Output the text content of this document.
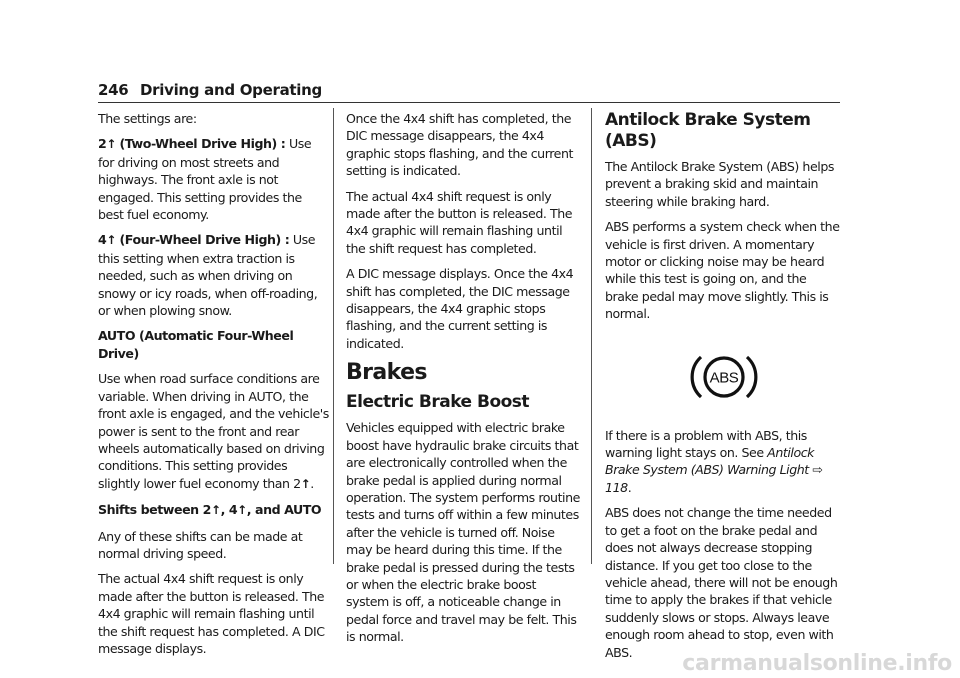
246 Driving and Operating

The settings are:

2↑ (Two-Wheel Drive High) : Use for driving on most streets and highways. The front axle is not engaged. This setting provides the best fuel economy.

4↑ (Four-Wheel Drive High) : Use this setting when extra traction is needed, such as when driving on snowy or icy roads, when off-roading, or when plowing snow.

AUTO (Automatic Four-Wheel Drive)

Use when road surface conditions are variable. When driving in AUTO, the front axle is engaged, and the vehicle's power is sent to the front and rear wheels automatically based on driving conditions. This setting provides slightly lower fuel economy than 2↑.

Shifts between 2↑, 4↑, and AUTO

Any of these shifts can be made at normal driving speed.

The actual 4x4 shift request is only made after the button is released. The 4x4 graphic will remain flashing until the shift request has completed. A DIC message displays.

Once the 4x4 shift has completed, the DIC message disappears, the 4x4 graphic stops flashing, and the current setting is indicated.

The actual 4x4 shift request is only made after the button is released. The 4x4 graphic will remain flashing until the shift request has completed.

A DIC message displays. Once the 4x4 shift has completed, the DIC message disappears, the 4x4 graphic stops flashing, and the current setting is indicated.

Brakes
Electric Brake Boost

Vehicles equipped with electric brake boost have hydraulic brake circuits that are electronically controlled when the brake pedal is applied during normal operation. The system performs routine tests and turns off within a few minutes after the vehicle is turned off. Noise may be heard during this time. If the brake pedal is pressed during the tests or when the electric brake boost system is off, a noticeable change in pedal force and travel may be felt. This is normal.

Antilock Brake System (ABS)

The Antilock Brake System (ABS) helps prevent a braking skid and maintain steering while braking hard.

ABS performs a system check when the vehicle is first driven. A momentary motor or clicking noise may be heard while this test is going on, and the brake pedal may move slightly. This is normal.

ABS

If there is a problem with ABS, this warning light stays on. See Antilock Brake System (ABS) Warning Light ⇨ 118.

ABS does not change the time needed to get a foot on the brake pedal and does not always decrease stopping distance. If you get too close to the vehicle ahead, there will not be enough time to apply the brakes if that vehicle suddenly slows or stops. Always leave enough room ahead to stop, even with ABS.	carmanualsonline.info
